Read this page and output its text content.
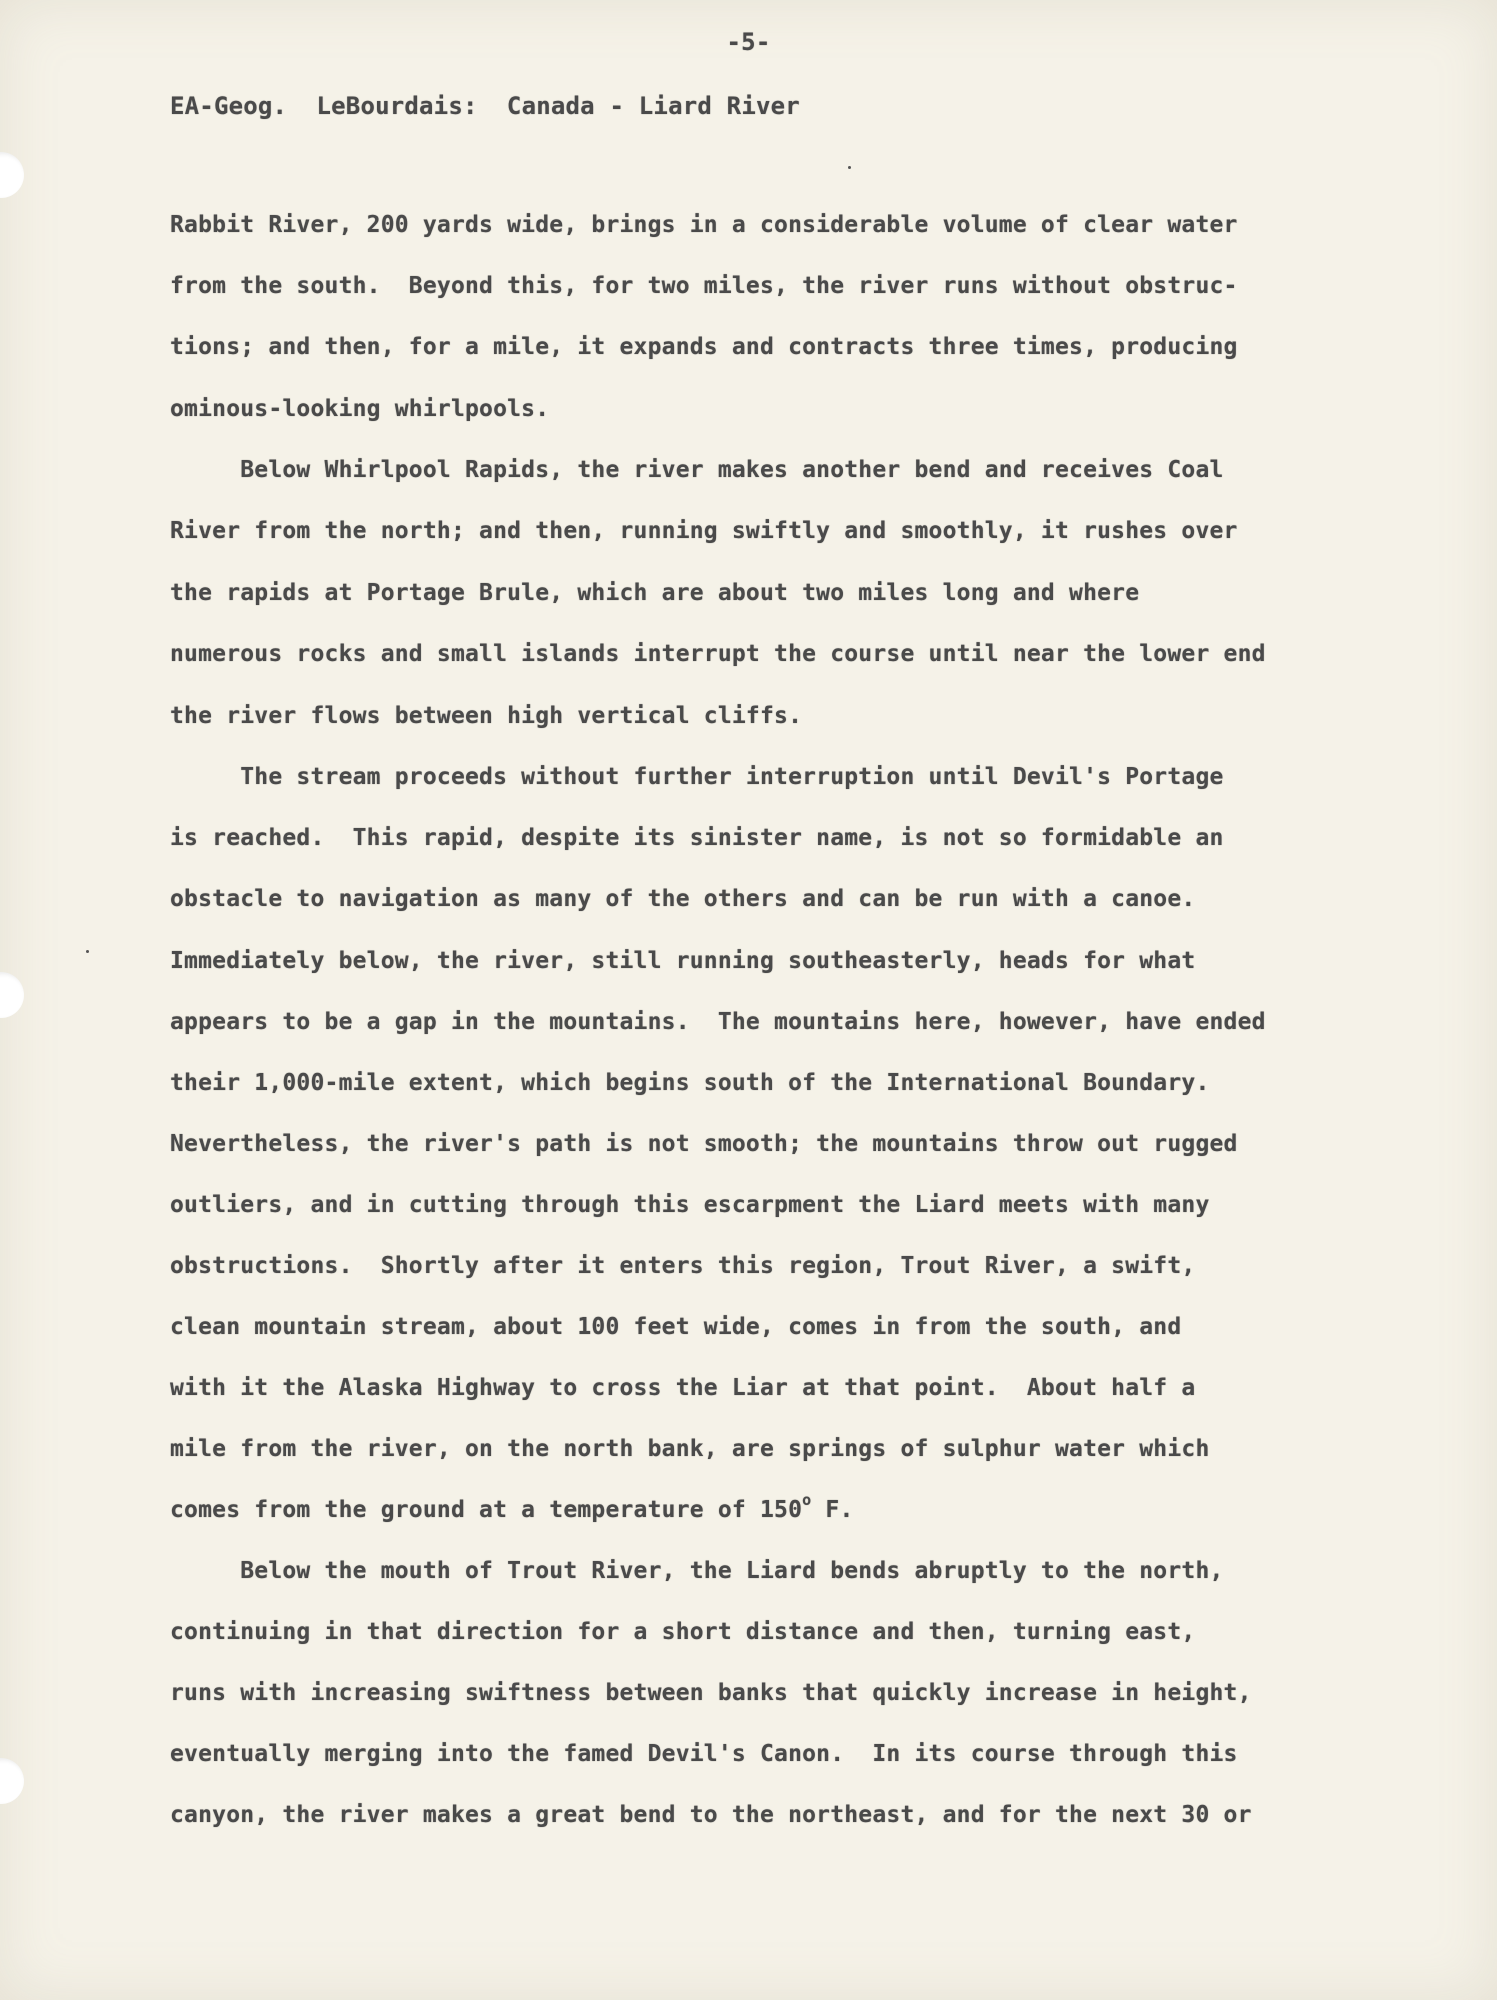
-5-
EA-Geog.  LeBourdais:  Canada - Liard River
Rabbit River, 200 yards wide, brings in a considerable volume of clear water
from the south.  Beyond this, for two miles, the river runs without obstruc-
tions; and then, for a mile, it expands and contracts three times, producing
ominous-looking whirlpools.
Below Whirlpool Rapids, the river makes another bend and receives Coal
River from the north; and then, running swiftly and smoothly, it rushes over
the rapids at Portage Brule, which are about two miles long and where
numerous rocks and small islands interrupt the course until near the lower end
the river flows between high vertical cliffs.
The stream proceeds without further interruption until Devil's Portage
is reached.  This rapid, despite its sinister name, is not so formidable an
obstacle to navigation as many of the others and can be run with a canoe.
Immediately below, the river, still running southeasterly, heads for what
appears to be a gap in the mountains.  The mountains here, however, have ended
their 1,000-mile extent, which begins south of the International Boundary.
Nevertheless, the river's path is not smooth; the mountains throw out rugged
outliers, and in cutting through this escarpment the Liard meets with many
obstructions.  Shortly after it enters this region, Trout River, a swift,
clean mountain stream, about 100 feet wide, comes in from the south, and
with it the Alaska Highway to cross the Liar at that point.  About half a
mile from the river, on the north bank, are springs of sulphur water which
comes from the ground at a temperature of 150$^o$ F.
Below the mouth of Trout River, the Liard bends abruptly to the north,
continuing in that direction for a short distance and then, turning east,
runs with increasing swiftness between banks that quickly increase in height,
eventually merging into the famed Devil's Canon.  In its course through this
canyon, the river makes a great bend to the northeast, and for the next 30 or
